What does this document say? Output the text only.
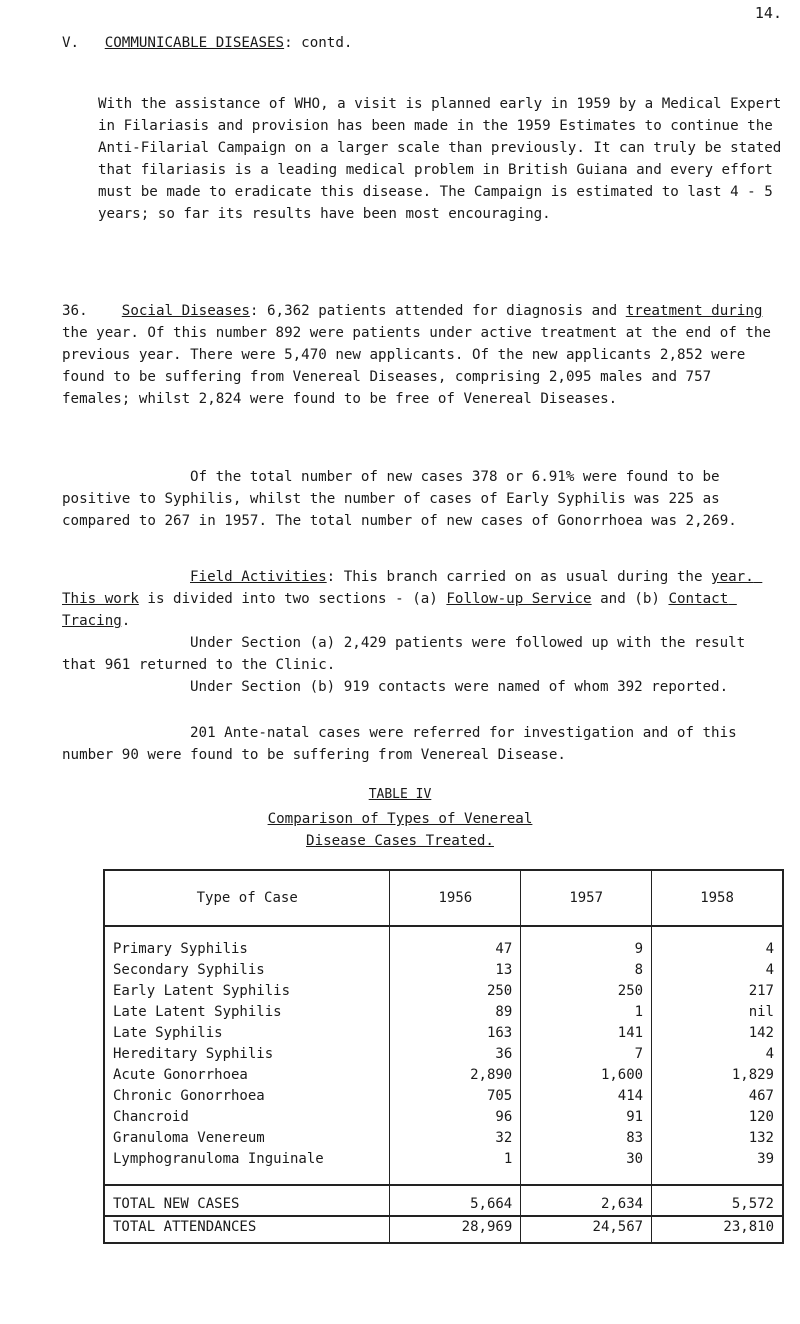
14.
V. COMMUNICABLE DISEASES: contd.

With the assistance of WHO, a visit is planned early in 1959 by a Medical Expert in Filariasis and provision has been made in the 1959 Estimates to continue the Anti-Filarial Campaign on a larger scale than previously. It can truly be stated that filariasis is a leading medical problem in British Guiana and every effort must be made to eradicate this disease. The Campaign is estimated to last 4 - 5 years; so far its results have been most encouraging.

36. Social Diseases: 6,362 patients attended for diagnosis and treatment during the year. Of this number 892 were patients under active treatment at the end of the previous year. There were 5,470 new applicants. Of the new applicants 2,852 were found to be suffering from Venereal Diseases, comprising 2,095 males and 757 females; whilst 2,824 were found to be free of Venereal Diseases.

Of the total number of new cases 378 or 6.91% were found to be positive to Syphilis, whilst the number of cases of Early Syphilis was 225 as compared to 267 in 1957. The total number of new cases of Gonorrhoea was 2,269.

Field Activities: This branch carried on as usual during the year. This work is divided into two sections - (a) Follow-up Service and (b) Contact Tracing.

Under Section (a) 2,429 patients were followed up with the result that 961 returned to the Clinic.

Under Section (b) 919 contacts were named of whom 392 reported.

201 Ante-natal cases were referred for investigation and of this number 90 were found to be suffering from Venereal Disease.

TABLE IV
Comparison of Types of Venereal
Disease Cases Treated.
Type of Case	1956	1957	1958
Primary Syphilis	47	9	4
Secondary Syphilis	13	8	4
Early Latent Syphilis	250	250	217
Late Latent Syphilis	89	1	nil
Late Syphilis	163	141	142
Hereditary Syphilis	36	7	4
Acute Gonorrhoea	2,890	1,600	1,829
Chronic Gonorrhoea	705	414	467
Chancroid	96	91	120
Granuloma Venereum	32	83	132
Lymphogranuloma Inguinale	1	30	39
TOTAL NEW CASES	5,664	2,634	5,572
TOTAL ATTENDANCES	28,969	24,567	23,810
